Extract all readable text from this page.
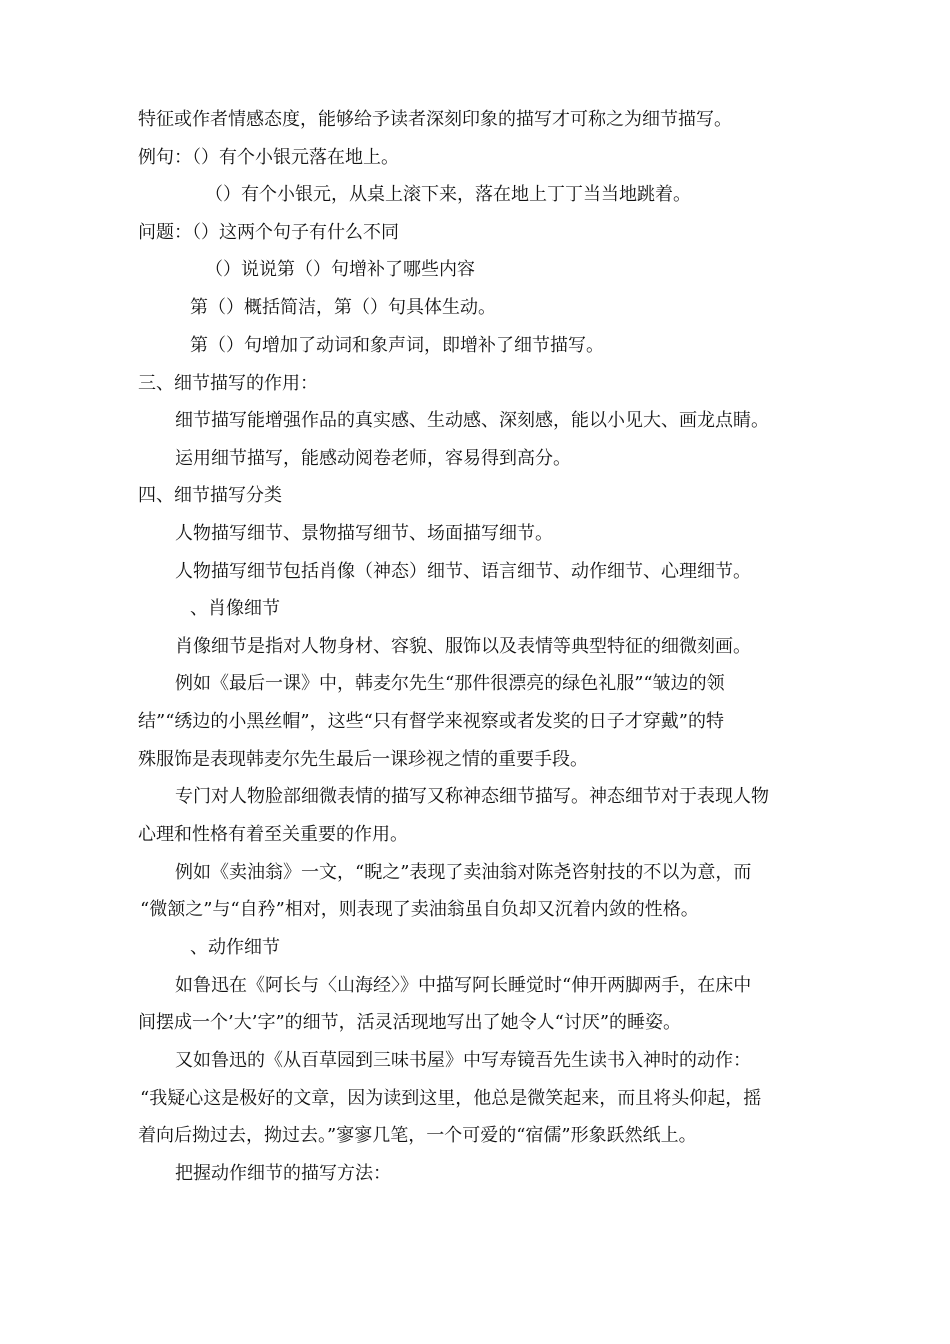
特征或作者情感态度，能够给予读者深刻印象的描写才可称之为细节描写。
例句：（）有个小银元落在地上。
（）有个小银元，从桌上滚下来，落在地上丁丁当当地跳着。
问题：（）这两个句子有什么不同
（）说说第（）句增补了哪些内容
第（）概括简洁，第（）句具体生动。
第（）句增加了动词和象声词，即增补了细节描写。
三、细节描写的作用：
细节描写能增强作品的真实感、生动感、深刻感，能以小见大、画龙点睛。
运用细节描写，能感动阅卷老师，容易得到高分。
四、细节描写分类
人物描写细节、景物描写细节、场面描写细节。
人物描写细节包括肖像（神态）细节、语言细节、动作细节、心理细节。
、肖像细节
肖像细节是指对人物身材、容貌、服饰以及表情等典型特征的细微刻画。
例如《最后一课》中，韩麦尔先生“那件很漂亮的绿色礼服”“皱边的领
结”“绣边的小黑丝帽”，这些“只有督学来视察或者发奖的日子才穿戴”的特
殊服饰是表现韩麦尔先生最后一课珍视之情的重要手段。
专门对人物脸部细微表情的描写又称神态细节描写。神态细节对于表现人物
心理和性格有着至关重要的作用。
例如《卖油翁》一文，“睨之”表现了卖油翁对陈尧咨射技的不以为意，而
“微颔之”与“自矜”相对，则表现了卖油翁虽自负却又沉着内敛的性格。
、动作细节
如鲁迅在《阿长与〈山海经〉》中描写阿长睡觉时“伸开两脚两手，在床中
间摆成一个’大’字”的细节，活灵活现地写出了她令人“讨厌”的睡姿。
又如鲁迅的《从百草园到三味书屋》中写寿镜吾先生读书入神时的动作：
“我疑心这是极好的文章，因为读到这里，他总是微笑起来，而且将头仰起，摇
着向后拗过去，拗过去。”寥寥几笔，一个可爱的“宿儒”形象跃然纸上。
把握动作细节的描写方法：
